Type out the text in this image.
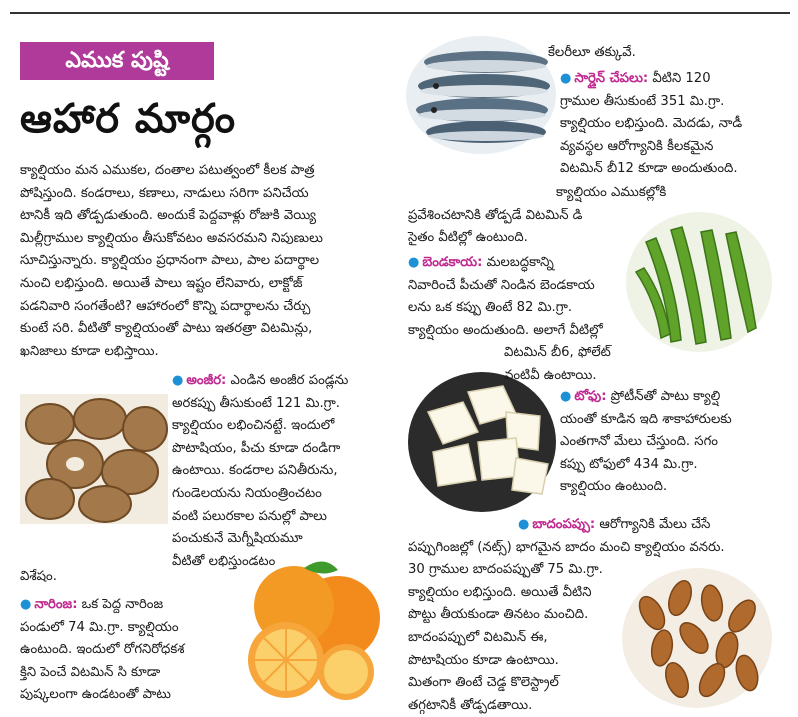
ఎముక పుష్టి
ఆహార మార్గం
క్యాల్షియం మన ఎముకల, దంతాల పటుత్వంలో కీలక పాత్ర
పోషిస్తుంది. కండరాలు, కణాలు, నాడులు సరిగా పనిచేయ
టానికీ ఇది తోడ్పడుతుంది. అందుకే పెద్దవాళ్లు రోజుకి వెయ్యి
మిల్లీగ్రాముల క్యాల్షియం తీసుకోవటం అవసరమని నిపుణులు
సూచిస్తున్నారు. క్యాల్షియం ప్రధానంగా పాలు, పాల పదార్థాల
నుంచి లభిస్తుంది. అయితే పాలు ఇష్టం లేనివారు, లాక్టోజ్
పడనివారి సంగతేంటి? ఆహారంలో కొన్ని పదార్థాలను చేర్చు
కుంటే సరి. వీటితో క్యాల్షియంతో పాటు ఇతరత్రా విటమిన్లు,
ఖనిజాలు కూడా లభిస్తాయి.
● అంజీర: ఎండిన అంజీర పండ్లను
అరకప్పు తీసుకుంటే 121 మి.గ్రా.
క్యాల్షియం లభించినట్టే. ఇందులో
పొటాషియం, పీచు కూడా దండిగా
ఉంటాయి. కండరాల పనితీరును,
గుండెలయను నియంత్రించటం
వంటి పలురకాల పనుల్లో పాలు
పంచుకునే మెగ్నీషియమూ
వీటితో లభిస్తుండటం
విశేషం.
● నారింజ: ఒక పెద్ద నారింజ
పండులో 74 మి.గ్రా. క్యాల్షియం
ఉంటుంది. ఇందులో రోగనిరోధకశ
క్తిని పెంచే విటమిన్ సి కూడా
పుష్కలంగా ఉండటంతో పాటు
కేలరీలూ తక్కువే.
● సార్డైన్ చేపలు: వీటిని 120
గ్రాముల తీసుకుంటే 351 మి.గ్రా.
క్యాల్షియం లభిస్తుంది. మెదడు, నాడీ
వ్యవస్థల ఆరోగ్యానికి కీలకమైన
విటమిన్ బీ12 కూడా అందుతుంది.
క్యాల్షియం ఎముకల్లోకి
ప్రవేశించటానికి తోడ్పడే విటమిన్ డి
సైతం వీటిల్లో ఉంటుంది.
● బెండకాయ: మలబద్ధకాన్ని
నివారించే పీచుతో నిండిన బెండకాయ
లను ఒక కప్పు తింటే 82 మి.గ్రా.
క్యాల్షియం అందుతుంది. అలాగే వీటిల్లో
విటమిన్ బీ6, ఫోలేట్
వంటివీ ఉంటాయి.
● టోఫు: ప్రోటీన్‌తో పాటు క్యాల్షి
యంతో కూడిన ఇది శాకాహారులకు
ఎంతగానో మేలు చేస్తుంది. సగం
కప్పు టోఫులో 434 మి.గ్రా.
క్యాల్షియం ఉంటుంది.
● బాదంపప్పు: ఆరోగ్యానికి మేలు చేసే
పప్పుగింజల్లో (నట్స్) భాగమైన బాదం మంచి క్యాల్షియం వనరు.
30 గ్రాముల బాదంపప్పుతో 75 మి.గ్రా.
క్యాల్షియం లభిస్తుంది. అయితే వీటిని
పొట్టు తీయకుండా తినటం మంచిది.
బాదంపప్పులో విటమిన్ ఈ,
పొటాషియం కూడా ఉంటాయి.
మితంగా తింటే చెడ్డ కొలెస్ట్రాల్
తగ్గటానికీ తోడ్పడతాయి.
